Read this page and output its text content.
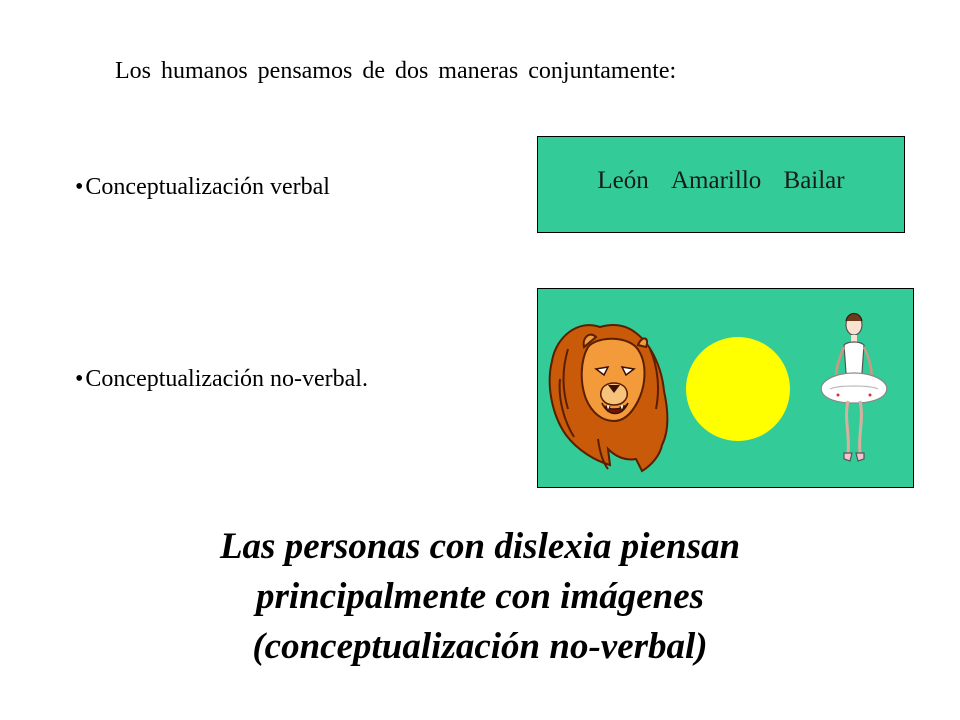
Los humanos pensamos de dos maneras conjuntamente:
•Conceptualización verbal
•Conceptualización no-verbal.
León Amarillo Bailar
Las personas con dislexia piensan
principalmente con imágenes
(conceptualización no-verbal)
